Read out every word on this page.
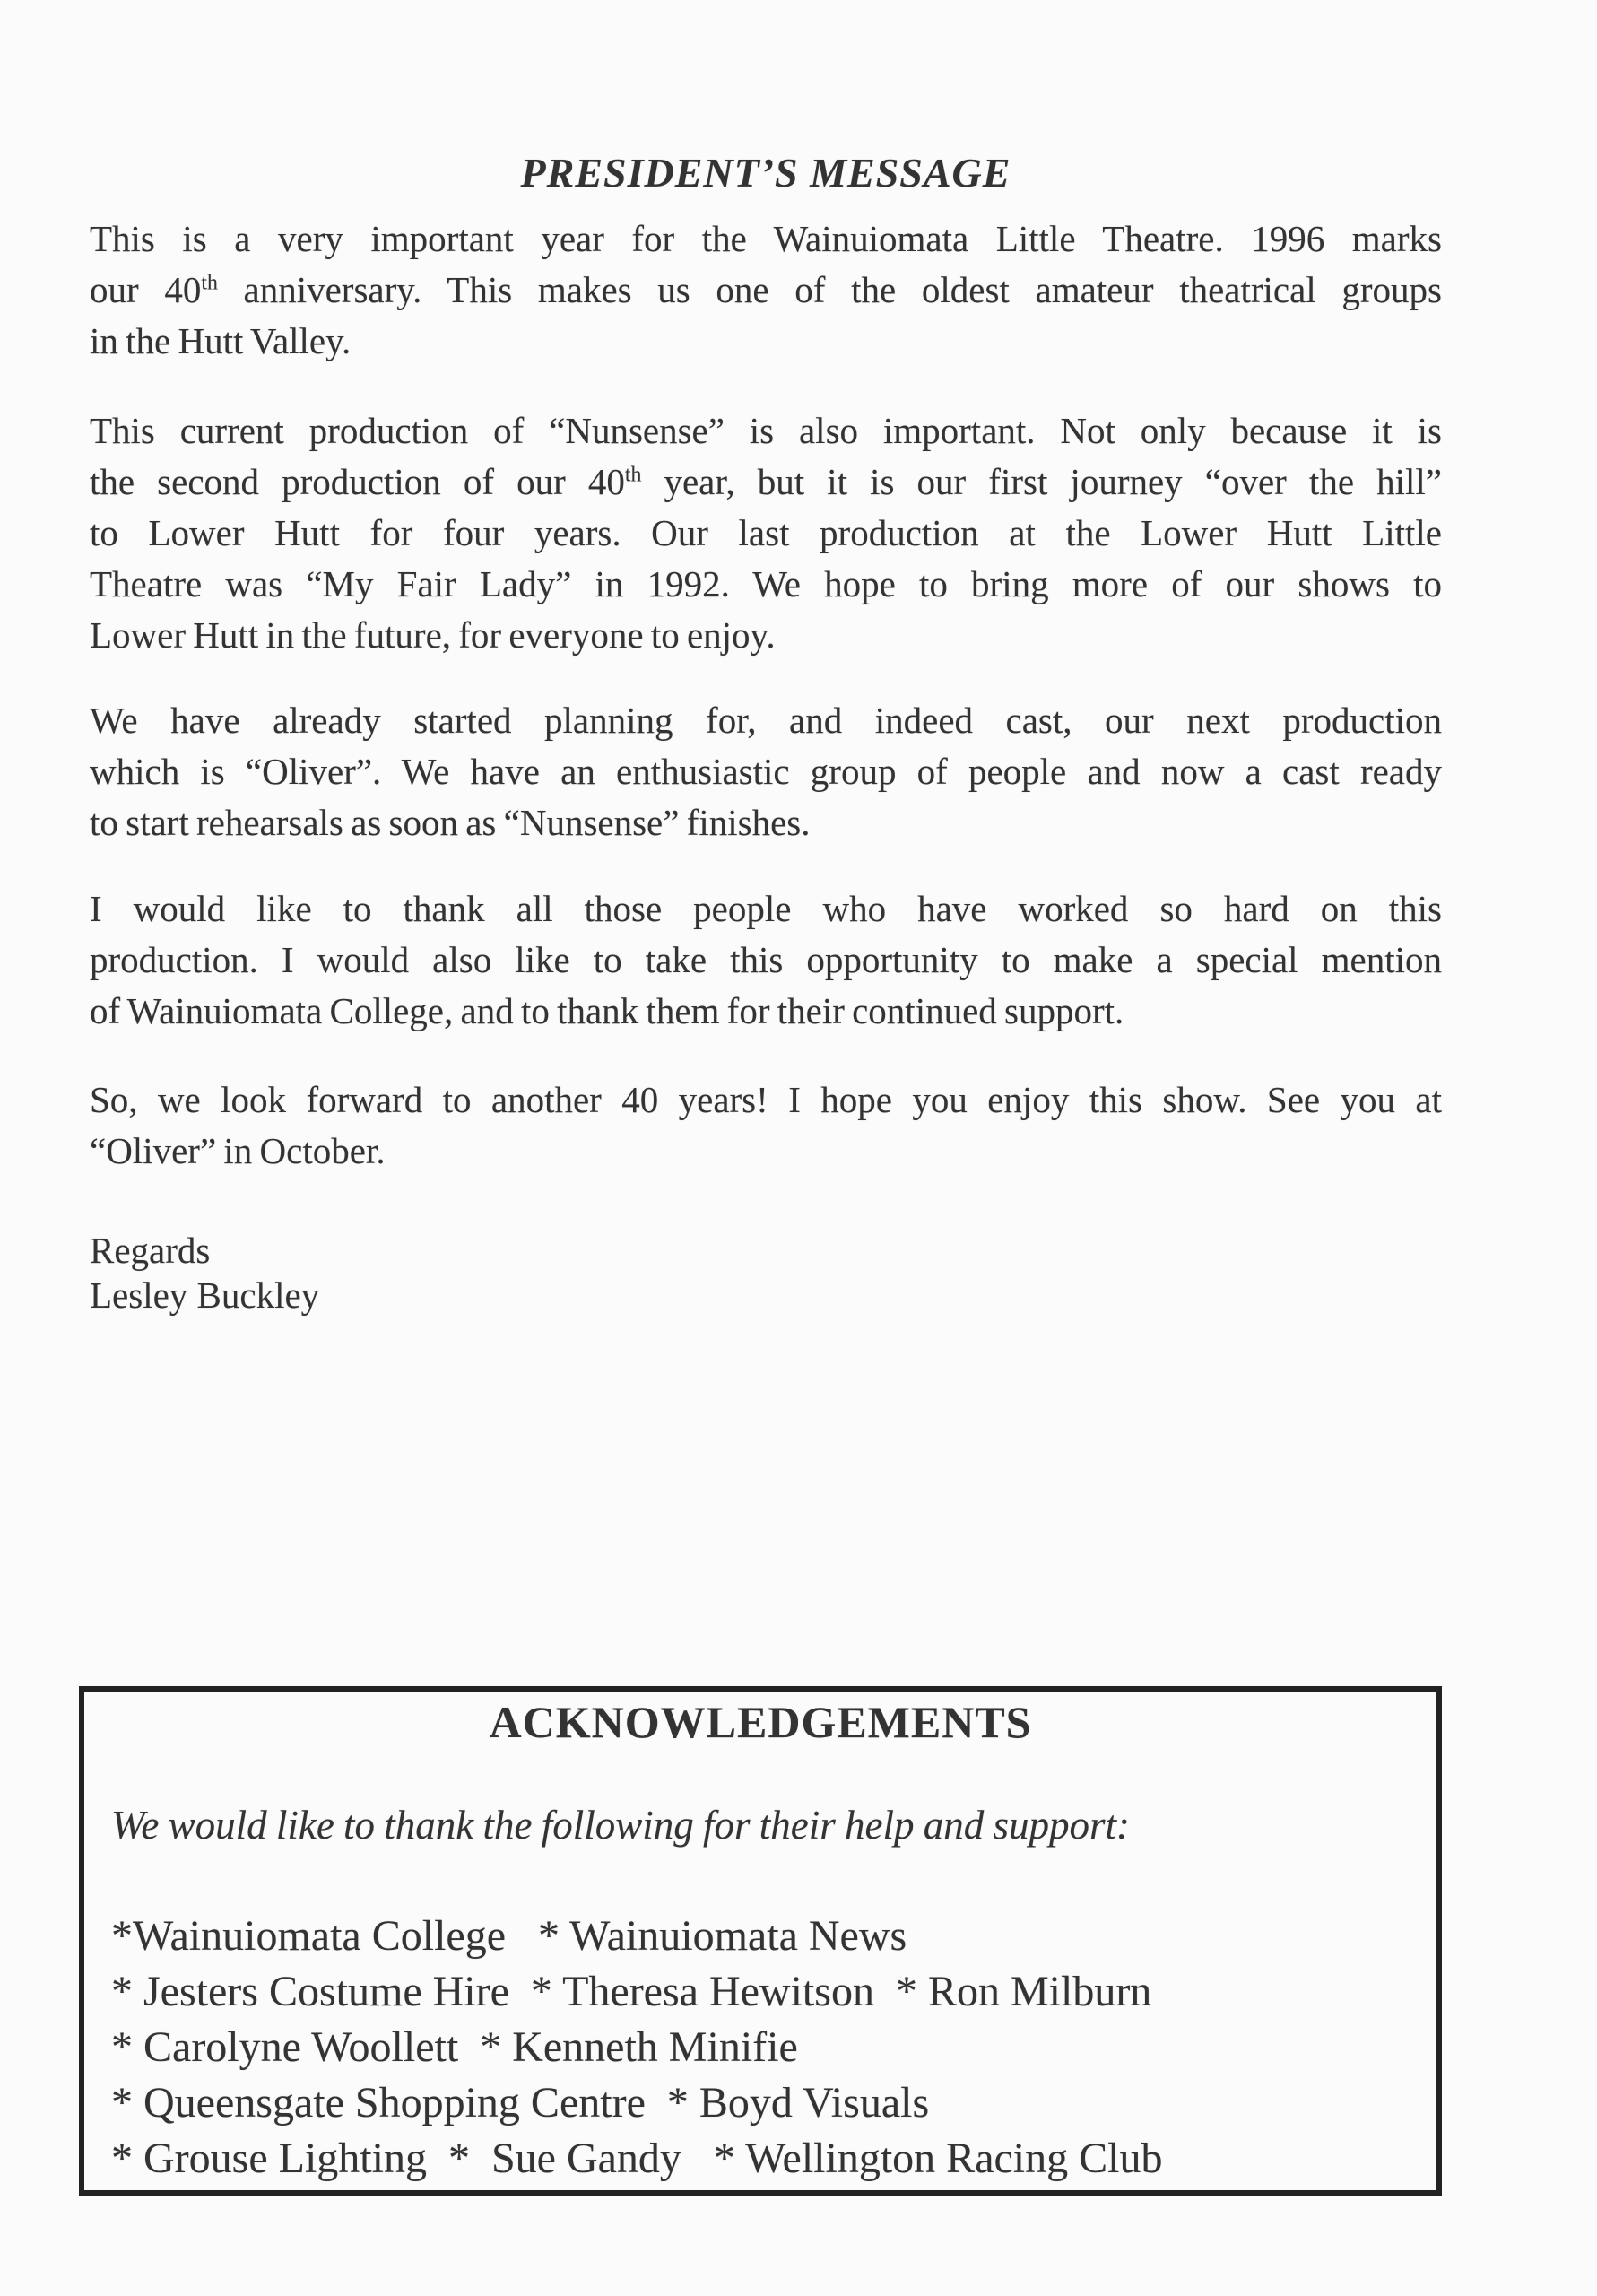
PRESIDENT’S MESSAGE
This is a very important year for the Wainuiomata Little Theatre. 1996 marks
our 40th anniversary. This makes us one of the oldest amateur theatrical groups
in the Hutt Valley.
This current production of “Nunsense” is also important. Not only because it is
the second production of our 40th year, but it is our first journey “over the hill”
to Lower Hutt for four years. Our last production at the Lower Hutt Little
Theatre was “My Fair Lady” in 1992. We hope to bring more of our shows to
Lower Hutt in the future, for everyone to enjoy.
We have already started planning for, and indeed cast, our next production
which is “Oliver”. We have an enthusiastic group of people and now a cast ready
to start rehearsals as soon as “Nunsense” finishes.
I would like to thank all those people who have worked so hard on this
production. I would also like to take this opportunity to make a special mention
of Wainuiomata College, and to thank them for their continued support.
So, we look forward to another 40 years! I hope you enjoy this show. See you at
“Oliver” in October.
Regards
Lesley Buckley
ACKNOWLEDGEMENTS
We would like to thank the following for their help and support:
*Wainuiomata College   * Wainuiomata News
* Jesters Costume Hire  * Theresa Hewitson  * Ron Milburn
* Carolyne Woollett  * Kenneth Minifie
* Queensgate Shopping Centre  * Boyd Visuals
* Grouse Lighting  *  Sue Gandy   * Wellington Racing Club
